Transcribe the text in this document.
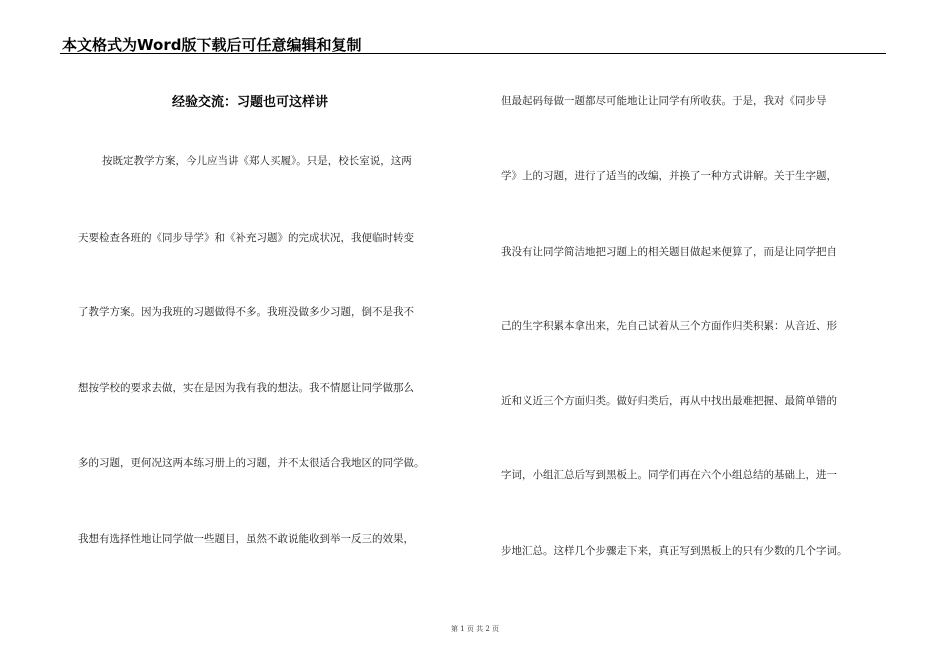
本文格式为Word版下载后可任意编辑和复制
经验交流：习题也可这样讲
按既定教学方案，今儿应当讲《郑人买履》。只是，校长室说，这两
天要检查各班的《同步导学》和《补充习题》的完成状况，我便临时转变
了教学方案。因为我班的习题做得不多。我班没做多少习题，倒不是我不
想按学校的要求去做，实在是因为我有我的想法。我不情愿让同学做那么
多的习题，更何况这两本练习册上的习题，并不太很适合我地区的同学做。
我想有选择性地让同学做一些题目，虽然不敢说能收到举一反三的效果，
但最起码每做一题都尽可能地让让同学有所收获。于是，我对《同步导
学》上的习题，进行了适当的改编，并换了一种方式讲解。关于生字题，
我没有让同学简洁地把习题上的相关题目做起来便算了，而是让同学把自
己的生字积累本拿出来，先自己试着从三个方面作归类积累：从音近、形
近和义近三个方面归类。做好归类后，再从中找出最难把握、最简单错的
字词，小组汇总后写到黑板上。同学们再在六个小组总结的基础上，进一
步地汇总。这样几个步骤走下来，真正写到黑板上的只有少数的几个字词。
第 1 页 共 2 页
